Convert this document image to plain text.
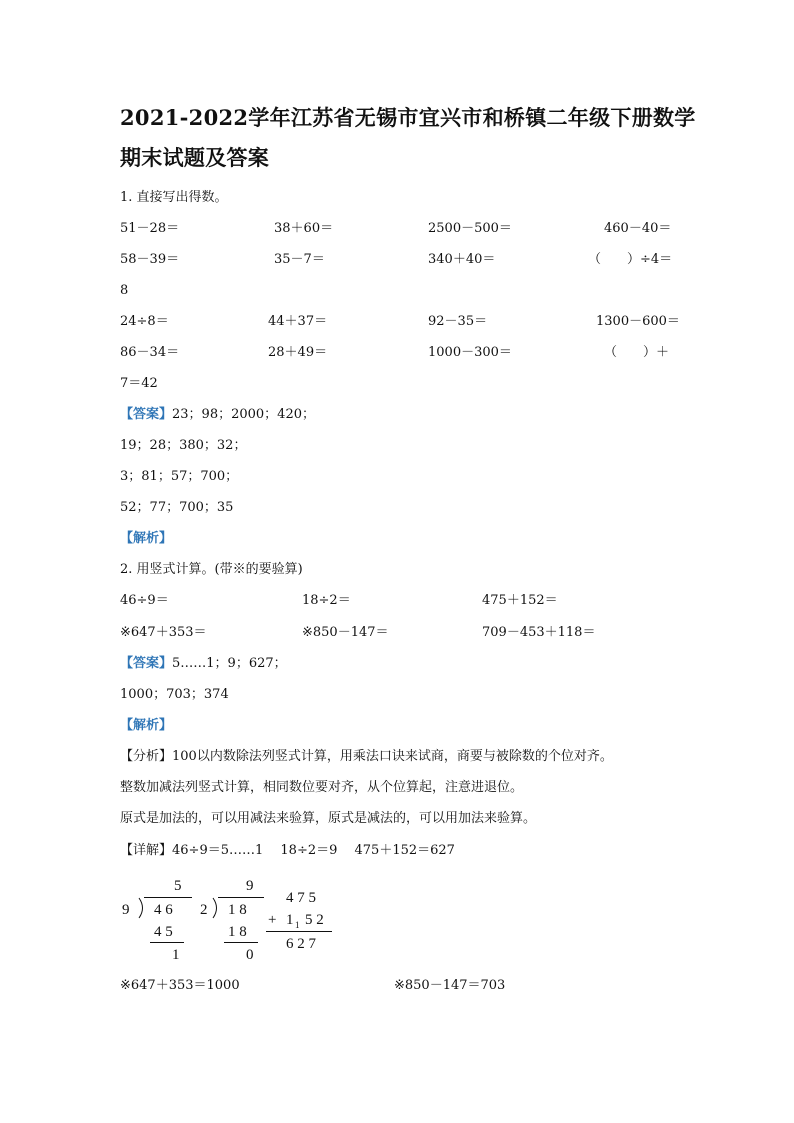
2021-2022学年江苏省无锡市宜兴市和桥镇二年级下册数学
期末试题及答案
1. 直接写出得数。
51－28＝	38＋60＝	2500－500＝	460－40＝
58－39＝	35－7＝	340＋40＝	（　　）÷4＝
8
24÷8＝	44＋37＝	92－35＝	1300－600＝
86－34＝	28＋49＝	1000－300＝	（　　）＋
7＝42
【答案】23；98；2000；420；
19；28；380；32；
3；81；57；700；
52；77；700；35
【解析】
2. 用竖式计算。(带※的要验算)
46÷9＝	18÷2＝	475＋152＝
※647＋353＝	※850－147＝	709－453＋118＝
【答案】5……1；9；627；
1000；703；374
【解析】
【分析】100以内数除法列竖式计算，用乘法口诀来试商，商要与被除数的个位对齐。
整数加减法列竖式计算，相同数位要对齐，从个位算起，注意进退位。
原式是加法的，可以用减法来验算，原式是减法的，可以用加法来验算。
【详解】46÷9＝5……1　 18÷2＝9　 475＋152＝627
5
9 4 6
4 5
1
9
2 1 8
1 8
0
4 7 5
+ 1 1 5 2
6 2 7
※647＋353＝1000	※850－147＝703
